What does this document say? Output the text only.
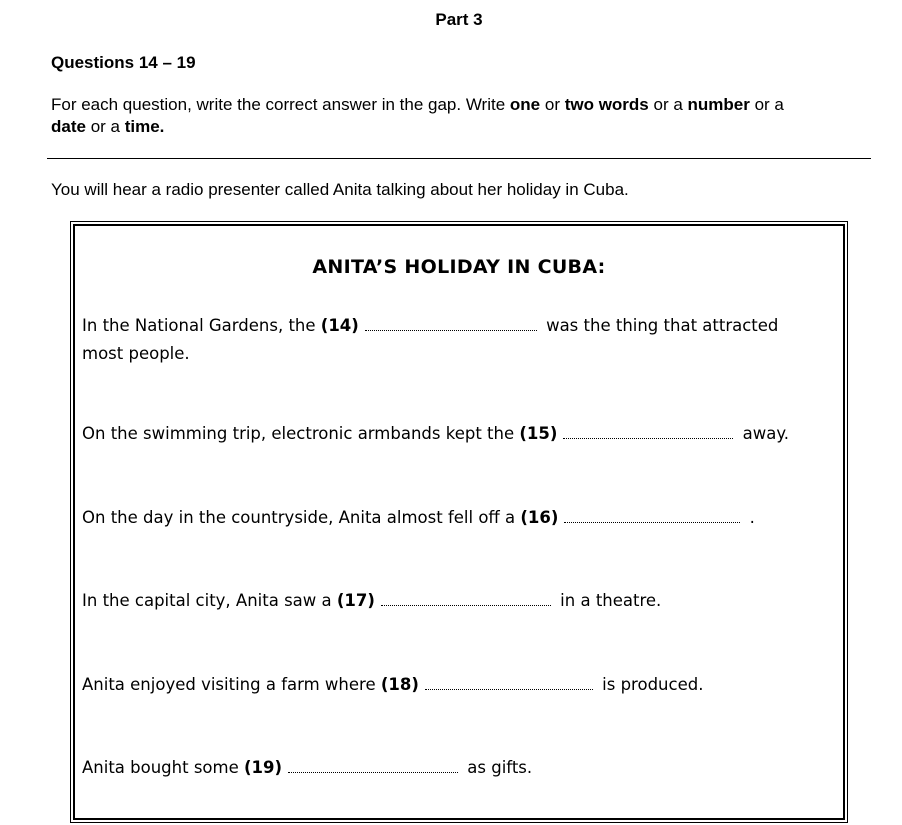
Part 3
Questions 14 – 19
For each question, write the correct answer in the gap. Write one or two words or a number or a
date or a time.
You will hear a radio presenter called Anita talking about her holiday in Cuba.
ANITA’S HOLIDAY IN CUBA:
In the National Gardens, the (14)	was the thing that attracted most people.
On the swimming trip, electronic armbands kept the (15)	away.
On the day in the countryside, Anita almost fell off a (16)	.
In the capital city, Anita saw a (17)	in a theatre.
Anita enjoyed visiting a farm where (18)	is produced.
Anita bought some (19)	as gifts.
